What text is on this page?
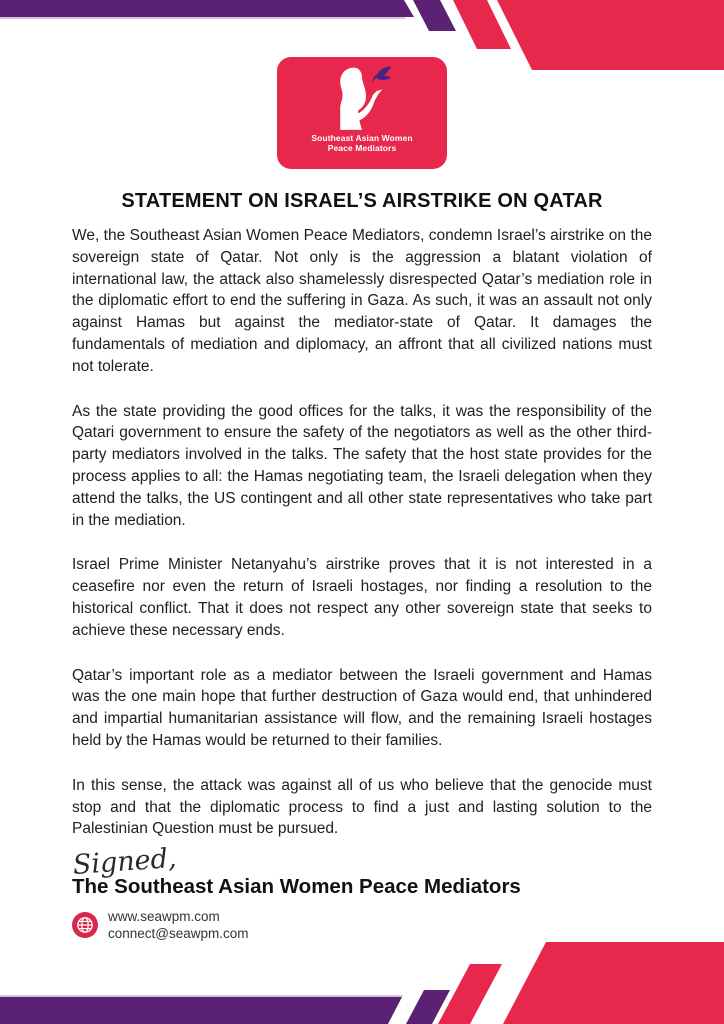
Southeast Asian Women
Peace Mediators
STATEMENT ON ISRAEL’S AIRSTRIKE ON QATAR

We, the Southeast Asian Women Peace Mediators, condemn Israel’s airstrike on the sovereign state of Qatar. Not only is the aggression a blatant violation of international law, the attack also shamelessly disrespected Qatar’s mediation role in the diplomatic effort to end the suffering in Gaza. As such, it was an assault not only against Hamas but against the mediator-state of Qatar. It damages the fundamentals of mediation and diplomacy, an affront that all civilized nations must not tolerate.

As the state providing the good offices for the talks, it was the responsibility of the Qatari government to ensure the safety of the negotiators as well as the other third-party mediators involved in the talks. The safety that the host state provides for the process applies to all: the Hamas negotiating team, the Israeli delegation when they attend the talks, the US contingent and all other state representatives who take part in the mediation.

Israel Prime Minister Netanyahu’s airstrike proves that it is not interested in a ceasefire nor even the return of Israeli hostages, nor finding a resolution to the historical conflict. That it does not respect any other sovereign state that seeks to achieve these necessary ends.

Qatar’s important role as a mediator between the Israeli government and Hamas was the one main hope that further destruction of Gaza would end, that unhindered and impartial humanitarian assistance will flow, and the remaining Israeli hostages held by the Hamas would be returned to their families.

In this sense, the attack was against all of us who believe that the genocide must stop and that the diplomatic process to find a just and lasting solution to the Palestinian Question must be pursued.

Signed,
The Southeast Asian Women Peace Mediators
www.seawpm.com
connect@seawpm.com
